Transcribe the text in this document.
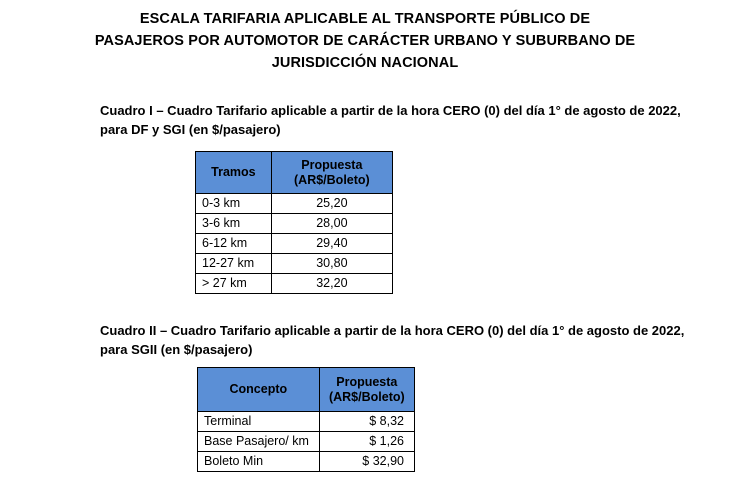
ESCALA TARIFARIA APLICABLE AL TRANSPORTE PÚBLICO DE
PASAJEROS POR AUTOMOTOR DE CARÁCTER URBANO Y SUBURBANO DE
JURISDICCIÓN NACIONAL
Cuadro I – Cuadro Tarifario aplicable a partir de la hora CERO (0) del día 1° de agosto de 2022,
para DF y SGI (en $/pasajero)
Tramos	Propuesta
(AR$/Boleto)

0-3 km	25,20
3-6 km	28,00
6-12 km	29,40
12-27 km	30,80
> 27 km	32,20
Cuadro II – Cuadro Tarifario aplicable a partir de la hora CERO (0) del día 1° de agosto de 2022,
para SGII (en $/pasajero)
Concepto	Propuesta
(AR$/Boleto)

Terminal	$ 8,32
Base Pasajero/ km	$ 1,26
Boleto Min	$ 32,90
